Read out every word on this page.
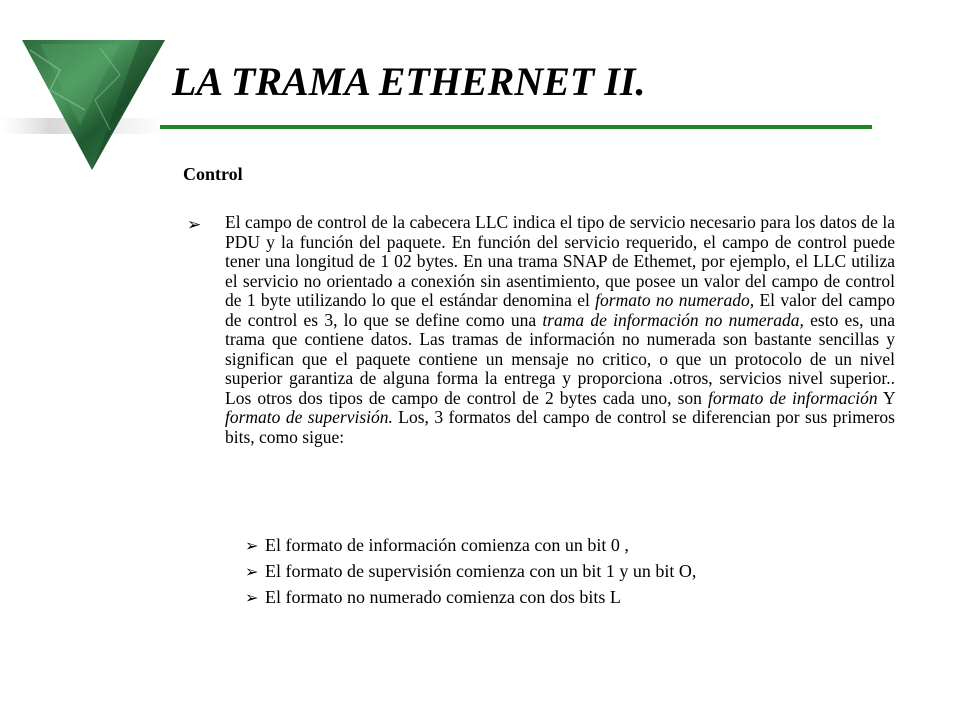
LA TRAMA ETHERNET II.
Control
➢ El campo de control de la cabecera LLC indica el tipo de servicio necesario para los datos de la PDU y la función del paquete. En función del servicio requerido, el campo de control puede tener una longitud de 1 02 bytes. En una trama SNAP de Ethemet, por ejemplo, el LLC utiliza el servicio no orientado a conexión sin asentimiento, que posee un valor del campo de control de 1 byte utilizando lo que el estándar denomina el formato no numerado, El valor del campo de control es 3, lo que se define como una trama de información no numerada, esto es, una trama que contiene datos. Las tramas de información no numerada son bastante sencillas y significan que el paquete contiene un mensaje no critico, o que un protocolo de un nivel superior garantiza de alguna forma la entrega y proporciona .otros, servicios nivel superior.. Los otros dos tipos de campo de control de 2 bytes cada uno, son formato de información Y formato de supervisión. Los, 3 formatos del campo de control se diferencian por sus primeros bits, como sigue:

➢ El formato de información comienza con un bit 0 ,
➢ El formato de supervisión comienza con un bit 1 y un bit O,
➢ El formato no numerado comienza con dos bits L
